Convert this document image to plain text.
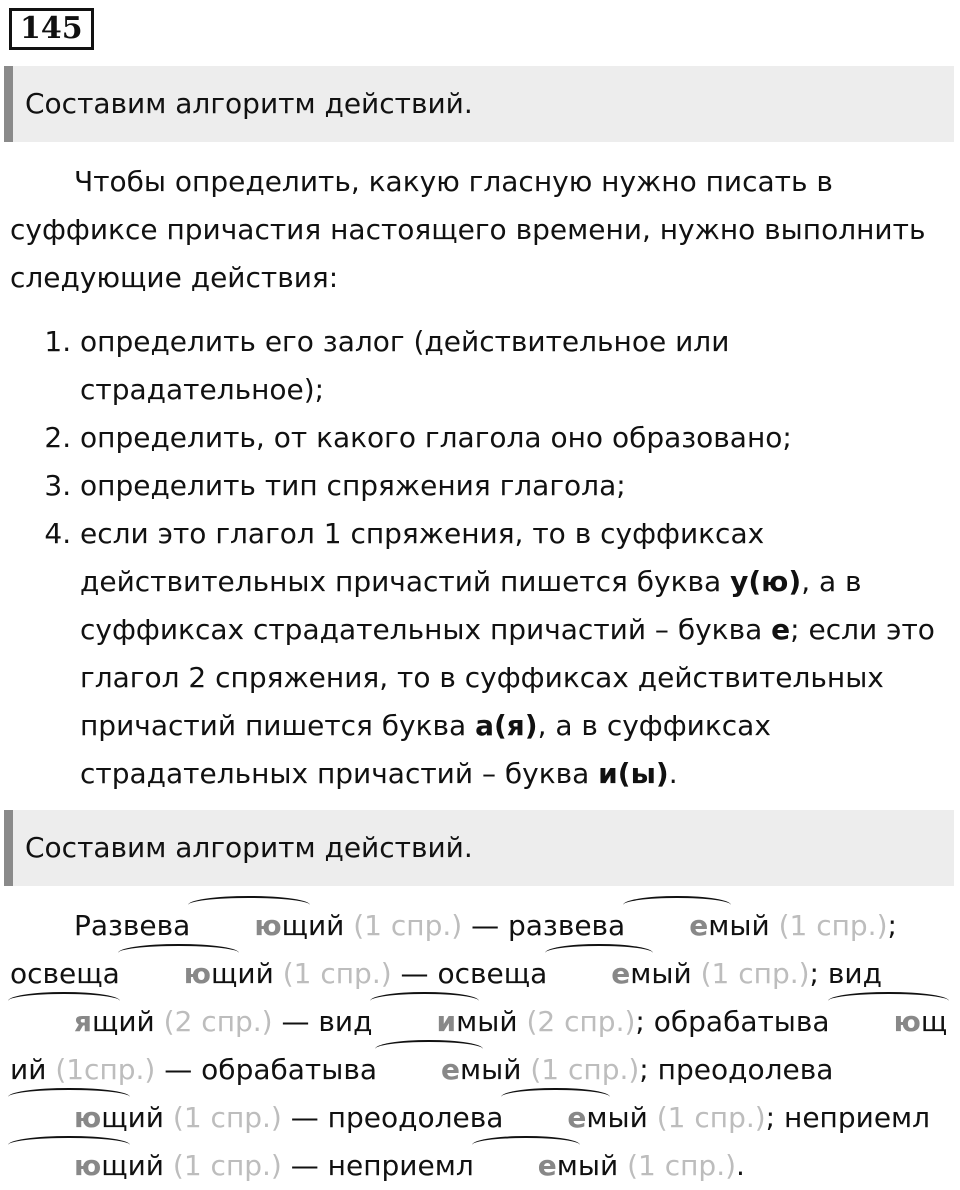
145
Составим алгоритм действий.
Чтобы определить, какую гласную нужно писать в суффиксе причастия настоящего времени, нужно выполнить следующие действия:
1. определить его залог (действительное или страдательное);
2. определить, от какого глагола оно образовано;
3. определить тип спряжения глагола;
4. если это глагол 1 спряжения, то в суффиксах действительных причастий пишется буква у(ю), а в суффиксах страдательных причастий – буква е; если это глагол 2 спряжения, то в суффиксах действительных причастий пишется буква а(я), а в суффиксах страдательных причастий – буква и(ы).
Составим алгоритм действий.
Развева ющий (1 спр.) — развева емый (1 спр.); освеща ющий (1 спр.) — освеща емый (1 спр.); видящий (2 спр.) — вид имый (2 спр.); обрабатыва ющий (1спр.) — обрабатыва емый (1 спр.); преодолевающий (1 спр.) — преодолева емый (1 спр.); неприемлющий (1 спр.) — неприемл емый (1 спр.).
